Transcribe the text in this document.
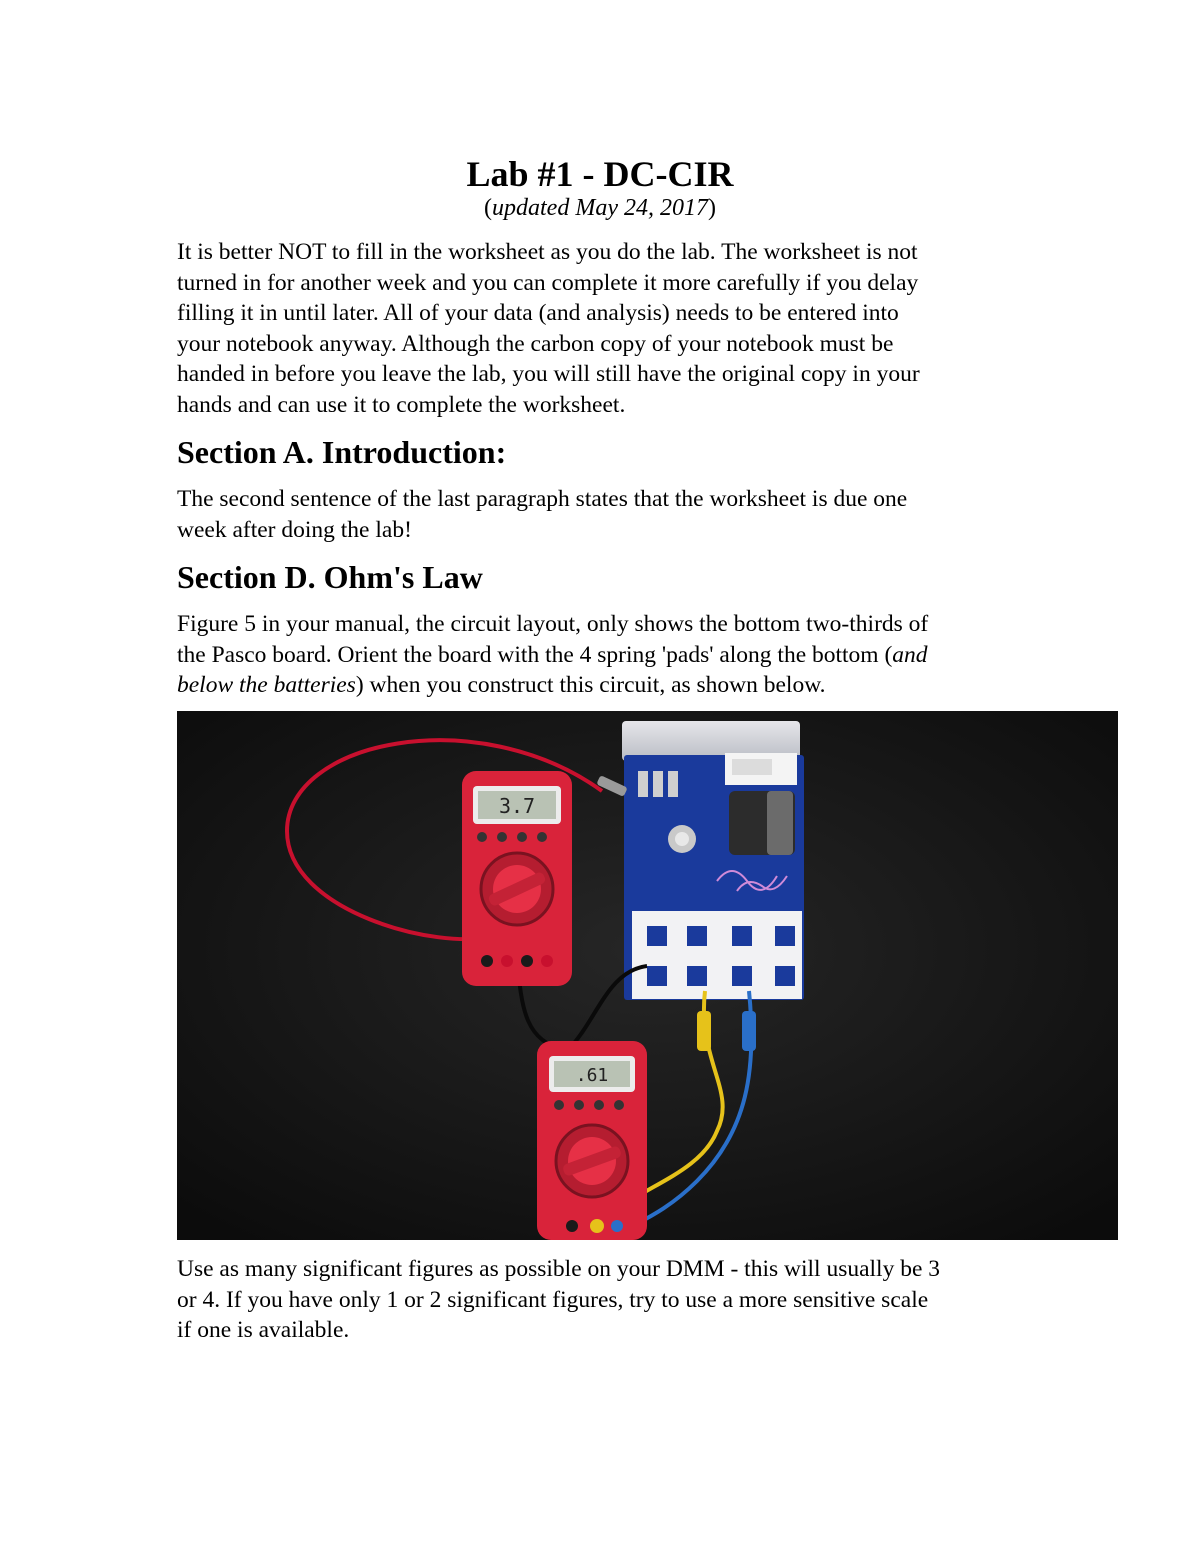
Lab #1 - DC-CIR
(updated May 24, 2017)

It is better NOT to fill in the worksheet as you do the lab. The worksheet is not
turned in for another week and you can complete it more carefully if you delay
filling it in until later. All of your data (and analysis) needs to be entered into
your notebook anyway. Although the carbon copy of your notebook must be
handed in before you leave the lab, you will still have the original copy in your
hands and can use it to complete the worksheet.

Section A. Introduction:

The second sentence of the last paragraph states that the worksheet is due one
week after doing the lab!

Section D. Ohm's Law

Figure 5 in your manual, the circuit layout, only shows the bottom two-thirds of
the Pasco board. Orient the board with the 4 spring 'pads' along the bottom (and
below the batteries) when you construct this circuit, as shown below.

3.7
.61

Use as many significant figures as possible on your DMM - this will usually be 3
or 4. If you have only 1 or 2 significant figures, try to use a more sensitive scale
if one is available.
